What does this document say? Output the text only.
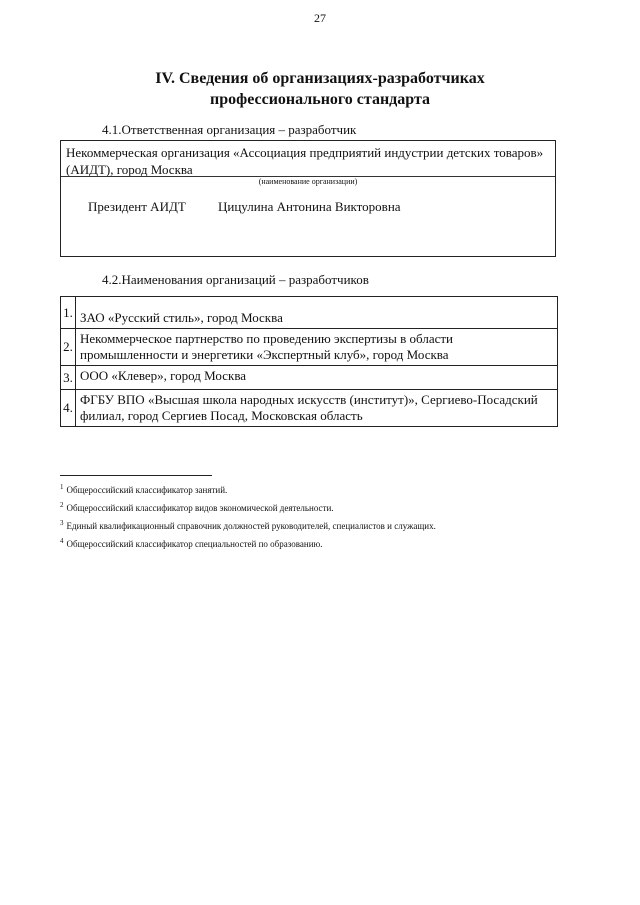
27
IV. Сведения об организациях-разработчиках
профессионального стандарта
4.1.Ответственная организация – разработчик
Некоммерческая организация «Ассоциация предприятий индустрии детских товаров» (АИДТ), город Москва
(наименование организации)
Президент АИДТ Цицулина Антонина Викторовна
4.2.Наименования организаций – разработчиков
1.	ЗАО «Русский стиль», город Москва
2.	Некоммерческое партнерство по проведению экспертизы в области промышленности и энергетики «Экспертный клуб», город Москва
3.	ООО «Клевер», город Москва
4.	ФГБУ ВПО «Высшая школа народных искусств (институт)», Сергиево-Посадский филиал, город Сергиев Посад, Московская область
$^1$ Общероссийский классификатор занятий.
$^2$ Общероссийский классификатор видов экономической деятельности.
$^3$ Единый квалификационный справочник должностей руководителей, специалистов и служащих.
$^4$ Общероссийский классификатор специальностей по образованию.
